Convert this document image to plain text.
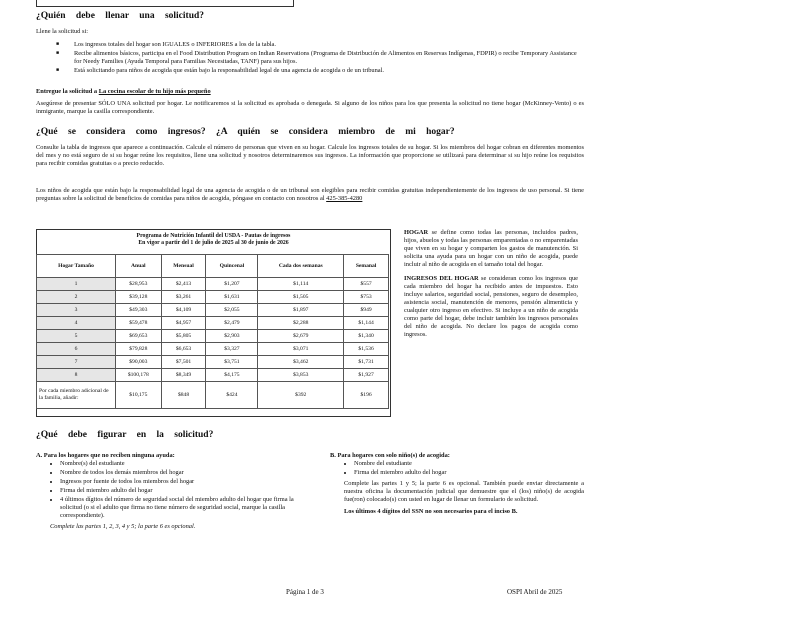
¿Quién debe llenar una solicitud?
Llene la solicitud si:
■ Los ingresos totales del hogar son IGUALES o INFERIORES a los de la tabla.
■ Recibe alimentos básicos, participa en el Food Distribution Program on Indian Reservations (Programa de Distribución de Alimentos en Reservas Indígenas, FDPIR) o recibe Temporary Assistance for Needy Families (Ayuda Temporal para Familias Necesitadas, TANF) para sus hijos.
■ Está solicitando para niños de acogida que están bajo la responsabilidad legal de una agencia de acogida o de un tribunal.
Entregue la solicitud a La cocina escolar de tu hijo más pequeño
Asegúrese de presentar SÓLO UNA solicitud por hogar. Le notificaremos si la solicitud es aprobada o denegada. Si alguno de los niños para los que presenta la solicitud no tiene hogar (McKinney-Vento) o es inmigrante, marque la casilla correspondiente.
¿Qué se considera como ingresos? ¿A quién se considera miembro de mi hogar?
Consulte la tabla de ingresos que aparece a continuación. Calcule el número de personas que viven en su hogar. Calcule los ingresos totales de su hogar. Si los miembros del hogar cobran en diferentes momentos del mes y no está seguro de si su hogar reúne los requisitos, llene una solicitud y nosotros determinaremos sus ingresos. La información que proporcione se utilizará para determinar si su hijo reúne los requisitos para recibir comidas gratuitas o a precio reducido.
Los niños de acogida que están bajo la responsabilidad legal de una agencia de acogida o de un tribunal son elegibles para recibir comidas gratuitas independientemente de los ingresos de uso personal. Si tiene preguntas sobre la solicitud de beneficios de comidas para niños de acogida, póngase en contacto con nosotros al 425-385-4280
Programa de Nutrición Infantil del USDA - Pautas de ingresos
En vigor a partir del 1 de julio de 2025 al 30 de junio de 2026
Hogar Tamaño	Anual	Mensual	Quincenal	Cada dos semanas	Semanal
1	$28,953	$2,413	$1,207	$1,114	$557
2	$39,128	$3,261	$1,631	$1,505	$753
3	$49,303	$4,109	$2,055	$1,897	$949
4	$59,478	$4,957	$2,479	$2,288	$1,144
5	$69,653	$5,805	$2,903	$2,679	$1,340
6	$79,828	$6,653	$3,327	$3,071	$1,536
7	$90,003	$7,501	$3,751	$3,462	$1,731
8	$100,178	$8,349	$4,175	$3,853	$1,927
Por cada miembro adicional de la familia, añadir:	$10,175	$848	$424	$392	$196

HOGAR se define como todas las personas, incluidos padres, hijos, abuelos y todas las personas emparentadas o no emparentadas que viven en su hogar y comparten los gastos de manutención. Si solicita una ayuda para un hogar con un niño de acogida, puede incluir al niño de acogida en el tamaño total del hogar.

INGRESOS DEL HOGAR se consideran como los ingresos que cada miembro del hogar ha recibido antes de impuestos. Esto incluye salarios, seguridad social, pensiones, seguro de desempleo, asistencia social, manutención de menores, pensión alimenticia y cualquier otro ingreso en efectivo. Si incluye a un niño de acogida como parte del hogar, debe incluir también los ingresos personales del niño de acogida. No declare los pagos de acogida como ingresos.

¿Qué debe figurar en la solicitud?
A. Para los hogares que no reciben ninguna ayuda:
• Nombre(s) del estudiante
• Nombre de todos los demás miembros del hogar
• Ingresos por fuente de todos los miembros del hogar
• Firma del miembro adulto del hogar
• 4 últimos dígitos del número de seguridad social del miembro adulto del hogar que firma la solicitud (o si el adulto que firma no tiene número de seguridad social, marque la casilla correspondiente).
Complete las partes 1, 2, 3, 4 y 5; la parte 6 es opcional.
B. Para hogares con solo niño(s) de acogida:
• Nombre del estudiante
• Firma del miembro adulto del hogar
Complete las partes 1 y 5; la parte 6 es opcional. También puede enviar directamente a nuestra oficina la documentación judicial que demuestre que el (los) niño(s) de acogida fue(ron) colocado(s) con usted en lugar de llenar un formulario de solicitud.
Los últimos 4 dígitos del SSN no son necesarios para el inciso B.
Página 1 de 3	OSPI Abril de 2025
